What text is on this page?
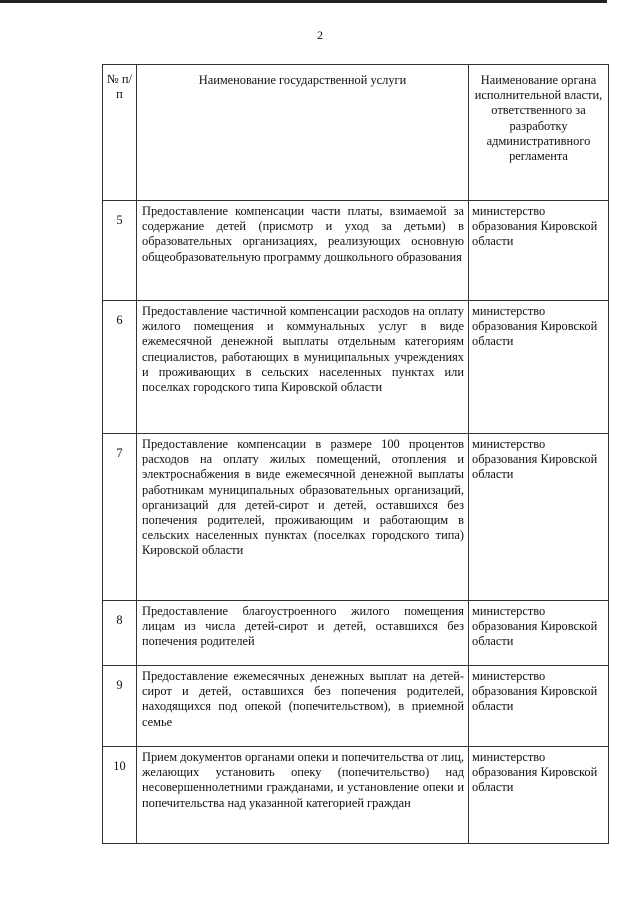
2
№ п/п	Наименование государственной услуги	Наименование органа исполнительной власти, ответственного за разработку административного регламента
5	Предоставление компенсации части платы, взимаемой за содержание детей (присмотр и уход за детьми) в образовательных организациях, реализующих основную общеобразовательную программу дошкольного образования	министерство образования Кировской области
6	Предоставление частичной компенсации расходов на оплату жилого помещения и коммунальных услуг в виде ежемесячной денежной выплаты отдельным категориям специалистов, работающих в муниципальных учреждениях и проживающих в сельских населенных пунктах или поселках городского типа Кировской области	министерство образования Кировской области
7	Предоставление компенсации в размере 100 процентов расходов на оплату жилых помещений, отопления и электроснабжения в виде ежемесячной денежной выплаты работникам муниципальных образовательных организаций, организаций для детей-сирот и детей, оставшихся без попечения родителей, проживающим и работающим в сельских населенных пунктах (поселках городского типа) Кировской области	министерство образования Кировской области
8	Предоставление благоустроенного жилого помещения лицам из числа детей-сирот и детей, оставшихся без попечения родителей	министерство образования Кировской области
9	Предоставление ежемесячных денежных выплат на детей-сирот и детей, оставшихся без попечения родителей, находящихся под опекой (попечительством), в приемной семье	министерство образования Кировской области
10	Прием документов органами опеки и попечительства от лиц, желающих установить опеку (попечительство) над несовершеннолетними гражданами, и установление опеки и попечительства над указанной категорией граждан	министерство образования Кировской области
